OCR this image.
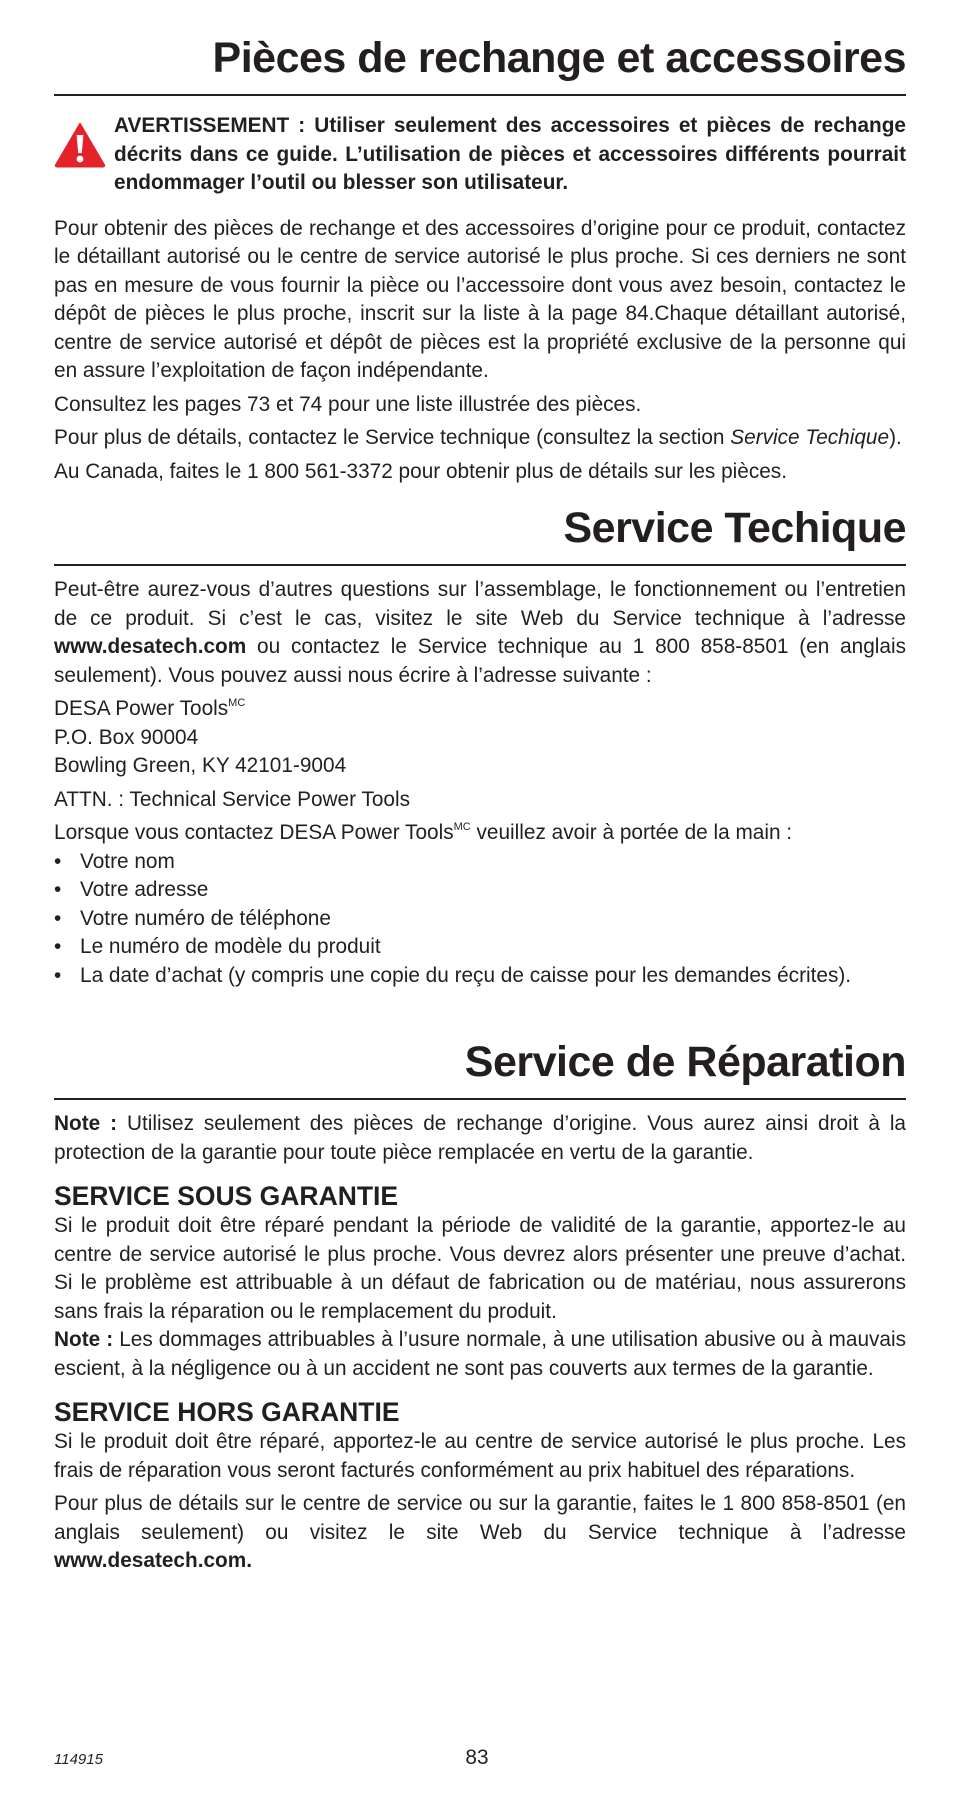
Pièces de rechange et accessoires

AVERTISSEMENT : Utiliser seulement des accessoires et pièces de rechange décrits dans ce guide. L’utilisation de pièces et accessoires différents pourrait endommager l’outil ou blesser son utilisateur.

Pour obtenir des pièces de rechange et des accessoires d’origine pour ce produit, contactez le détaillant autorisé ou le centre de service autorisé le plus proche. Si ces derniers ne sont pas en mesure de vous fournir la pièce ou l’accessoire dont vous avez besoin, contactez le dépôt de pièces le plus proche, inscrit sur la liste à la page 84.Chaque détaillant autorisé, centre de service autorisé et dépôt de pièces est la propriété exclusive de la personne qui en assure l’exploitation de façon indépendante.

Consultez les pages 73 et 74 pour une liste illustrée des pièces.

Pour plus de détails, contactez le Service technique (consultez la section Service Techique).

Au Canada, faites le 1 800 561-3372 pour obtenir plus de détails sur les pièces.

Service Techique

Peut-être aurez-vous d’autres questions sur l’assemblage, le fonctionnement ou l’entretien de ce produit. Si c’est le cas, visitez le site Web du Service technique à l’adresse www.desatech.com ou contactez le Service technique au 1 800 858-8501 (en anglais seulement). Vous pouvez aussi nous écrire à l’adresse suivante :

DESA Power Tools$^{MC}$

P.O. Box 90004

Bowling Green, KY 42101-9004

ATTN. : Technical Service Power Tools

Lorsque vous contactez DESA Power Tools$^{MC}$ veuillez avoir à portée de la main :

• Votre nom
• Votre adresse
• Votre numéro de téléphone
• Le numéro de modèle du produit
• La date d’achat (y compris une copie du reçu de caisse pour les demandes écrites).
Service de Réparation

Note : Utilisez seulement des pièces de rechange d’origine. Vous aurez ainsi droit à la protection de la garantie pour toute pièce remplacée en vertu de la garantie.

SERVICE SOUS GARANTIE

Si le produit doit être réparé pendant la période de validité de la garantie, apportez-le au centre de service autorisé le plus proche. Vous devrez alors présenter une preuve d’achat. Si le problème est attribuable à un défaut de fabrication ou de matériau, nous assurerons sans frais la réparation ou le remplacement du produit.

Note : Les dommages attribuables à l’usure normale, à une utilisation abusive ou à mauvais escient, à la négligence ou à un accident ne sont pas couverts aux termes de la garantie.

SERVICE HORS GARANTIE

Si le produit doit être réparé, apportez-le au centre de service autorisé le plus proche. Les frais de réparation vous seront facturés conformément au prix habituel des réparations.

Pour plus de détails sur le centre de service ou sur la garantie, faites le 1 800 858-8501 (en anglais seulement) ou visitez le site Web du Service technique à l’adresse www.desatech.com.

114915	83
